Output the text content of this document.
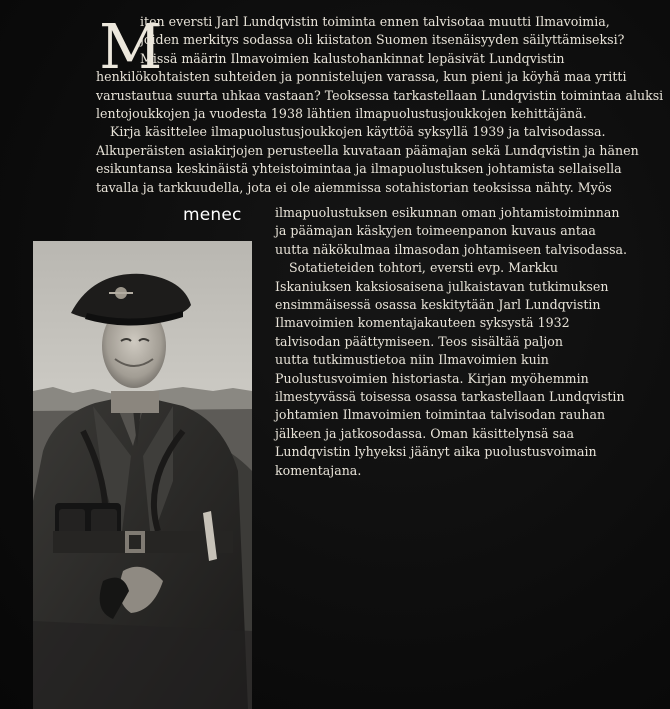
M

iten eversti Jarl Lundqvistin toiminta ennen talvisotaa muutti Ilmavoimia,
joiden merkitys sodassa oli kiistaton Suomen itsenäisyyden säilyttämiseksi?
Missä määrin Ilmavoimien kalustohankinnat lepäsivät Lundqvistin
henkilökohtaisten suhteiden ja ponnistelujen varassa, kun pieni ja köyhä maa yritti
varustautua suurta uhkaa vastaan? Teoksessa tarkastellaan Lundqvistin toimintaa aluksi
lentojoukkojen ja vuodesta 1938 lähtien ilmapuolustusjoukkojen kehittäjänä.

Kirja käsittelee ilmapuolustusjoukkojen käyttöä syksyllä 1939 ja talvisodassa.
Alkuperäisten asiakirjojen perusteella kuvataan päämajan sekä Lundqvistin ja hänen
esikuntansa keskinäistä yhteistoimintaa ja ilmapuolustuksen johtamista sellaisella
tavalla ja tarkkuudella, jota ei ole aiemmissa sotahistorian teoksissa nähty. Myös

menec	ilmapuolustuksen esikunnan oman johtamistoiminnan
ja päämajan käskyjen toimeenpanon kuvaus antaa
uutta näkökulmaa ilmasodan johtamiseen talvisodassa.

Sotatieteiden tohtori, eversti evp. Markku
Iskaniuksen kaksiosaisena julkaistavan tutkimuksen
ensimmäisessä osassa keskitytään Jarl Lundqvistin
Ilmavoimien komentajakauteen syksystä 1932
talvisodan päättymiseen. Teos sisältää paljon
uutta tutkimustietoa niin Ilmavoimien kuin
Puolustusvoimien historiasta. Kirjan myöhemmin
ilmestyvässä toisessa osassa tarkastellaan Lundqvistin
johtamien Ilmavoimien toimintaa talvisodan rauhan
jälkeen ja jatkosodassa. Oman käsittelynsä saa
Lundqvistin lyhyeksi jäänyt aika puolustusvoimain
komentajana.
